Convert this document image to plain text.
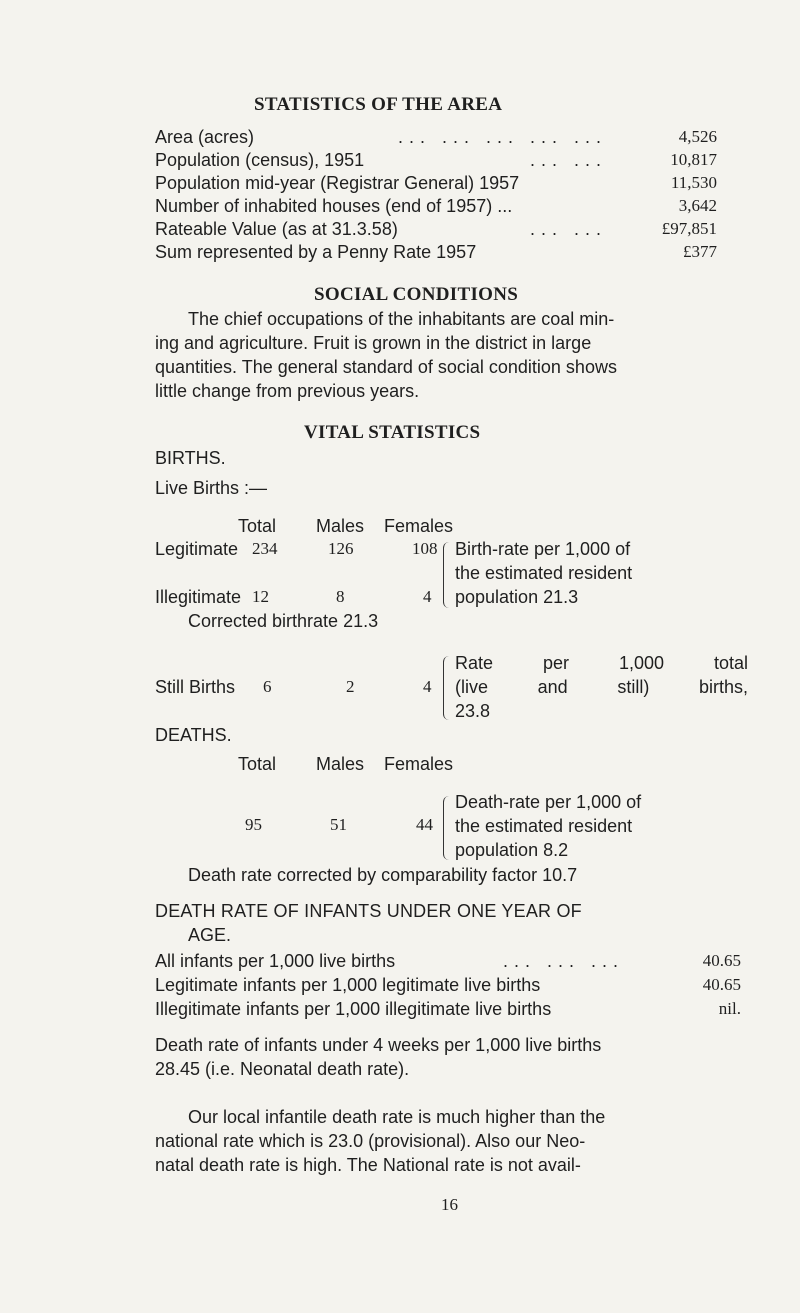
STATISTICS OF THE AREA
Area (acres)	... ... ... ... ...	4,526
Population (census), 1951	... ...	10,817
Population mid-year (Registrar General) 1957	11,530
Number of inhabited houses (end of 1957) ...	3,642
Rateable Value (as at 31.3.58)	... ...	£97,851
Sum represented by a Penny Rate 1957	£377
SOCIAL CONDITIONS
The chief occupations of the inhabitants are coal min-
ing and agriculture. Fruit is grown in the district in large
quantities. The general standard of social condition shows
little change from previous years.
VITAL STATISTICS
BIRTHS.
Live Births :—
Total Males Females
Legitimate 234	126	108
Illegitimate 12	8	4
Birth-rate per 1,000 of
the estimated resident
population 21.3
Corrected birthrate 21.3
Still Births 6	2	4
Rate per 1,000 total
(live and still) births,
23.8
DEATHS.
Total Males Females
95	51	44
Death-rate per 1,000 of
the estimated resident
population 8.2
Death rate corrected by comparability factor 10.7
DEATH RATE OF INFANTS UNDER ONE YEAR OF
AGE.
All infants per 1,000 live births	... ... ...	40.65
Legitimate infants per 1,000 legitimate live births	40.65
Illegitimate infants per 1,000 illegitimate live births	nil.
Death rate of infants under 4 weeks per 1,000 live births
28.45 (i.e. Neonatal death rate).
Our local infantile death rate is much higher than the
national rate which is 23.0 (provisional). Also our Neo-
natal death rate is high. The National rate is not avail-
16
